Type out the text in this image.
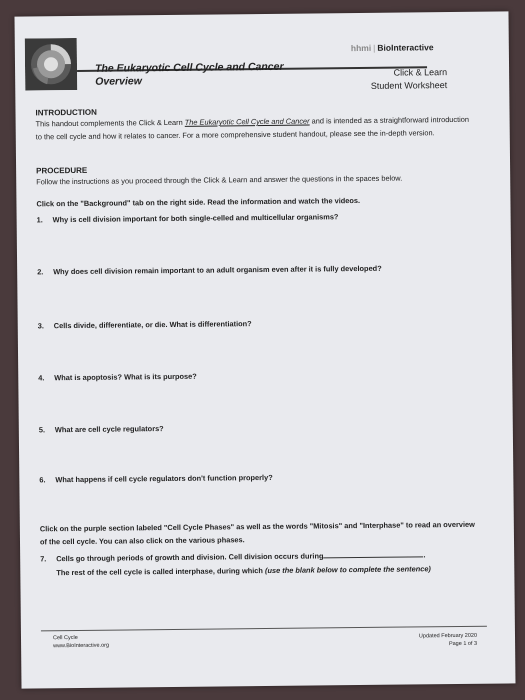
The Eukaryotic Cell Cycle and Cancer
Overview
hhmi | BioInteractive
Click & Learn
Student Worksheet
INTRODUCTION
This handout complements the Click & Learn The Eukaryotic Cell Cycle and Cancer and is intended as a straightforward introduction to the cell cycle and how it relates to cancer. For a more comprehensive student handout, please see the in-depth version.
PROCEDURE
Follow the instructions as you proceed through the Click & Learn and answer the questions in the spaces below.
Click on the "Background" tab on the right side. Read the information and watch the videos.
1. Why is cell division important for both single-celled and multicellular organisms?
2. Why does cell division remain important to an adult organism even after it is fully developed?
3. Cells divide, differentiate, or die. What is differentiation?
4. What is apoptosis? What is its purpose?
5. What are cell cycle regulators?
6. What happens if cell cycle regulators don't function properly?
Click on the purple section labeled "Cell Cycle Phases" as well as the words "Mitosis" and "Interphase" to read an overview of the cell cycle. You can also click on the various phases.
7. Cells go through periods of growth and division. Cell division occurs during	.
The rest of the cell cycle is called interphase, during which (use the blank below to complete the sentence)
Cell Cycle
www.BioInteractive.org
Updated February 2020
Page 1 of 3
